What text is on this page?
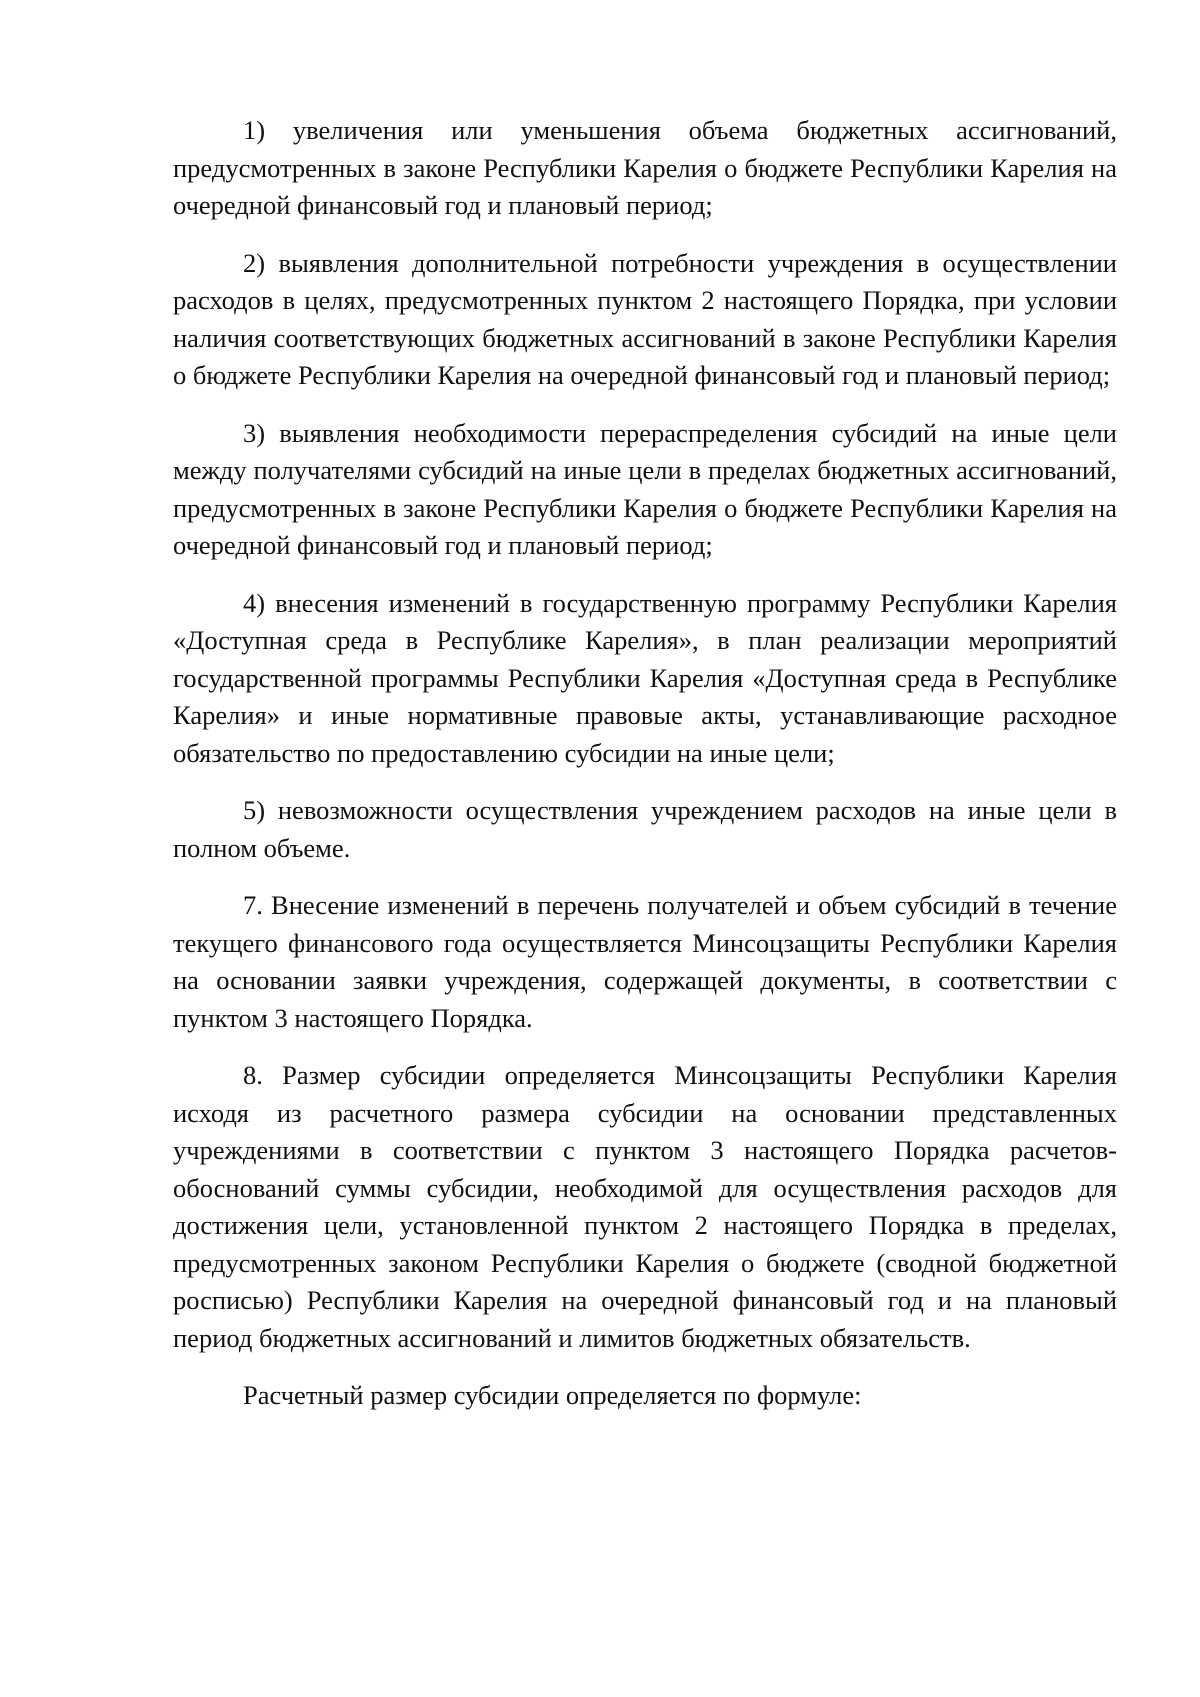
1) увеличения или уменьшения объема бюджетных ассигнований, предусмотренных в законе Республики Карелия о бюджете Республики Карелия на очередной финансовый год и плановый период;

2) выявления дополнительной потребности учреждения в осуществлении расходов в целях, предусмотренных пунктом 2 настоящего Порядка, при условии наличия соответствующих бюджетных ассигнований в законе Республики Карелия о бюджете Республики Карелия на очередной финансовый год и плановый период;

3) выявления необходимости перераспределения субсидий на иные цели между получателями субсидий на иные цели в пределах бюджетных ассигнований, предусмотренных в законе Республики Карелия о бюджете Республики Карелия на очередной финансовый год и плановый период;

4) внесения изменений в государственную программу Республики Карелия «Доступная среда в Республике Карелия», в план реализации мероприятий государственной программы Республики Карелия «Доступная среда в Республике Карелия» и иные нормативные правовые акты, устанавливающие расходное обязательство по предоставлению субсидии на иные цели;

5) невозможности осуществления учреждением расходов на иные цели в полном объеме.

7. Внесение изменений в перечень получателей и объем субсидий в течение текущего финансового года осуществляется Минсоцзащиты Республики Карелия на основании заявки учреждения, содержащей документы, в соответствии с пунктом 3 настоящего Порядка.

8. Размер субсидии определяется Минсоцзащиты Республики Карелия исходя из расчетного размера субсидии на основании представленных учреждениями в соответствии с пунктом 3 настоящего Порядка расчетов-обоснований суммы субсидии, необходимой для осуществления расходов для достижения цели, установленной пунктом 2 настоящего Порядка в пределах, предусмотренных законом Республики Карелия о бюджете (сводной бюджетной росписью) Республики Карелия на очередной финансовый год и на плановый период бюджетных ассигнований и лимитов бюджетных обязательств.

Расчетный размер субсидии определяется по формуле:
